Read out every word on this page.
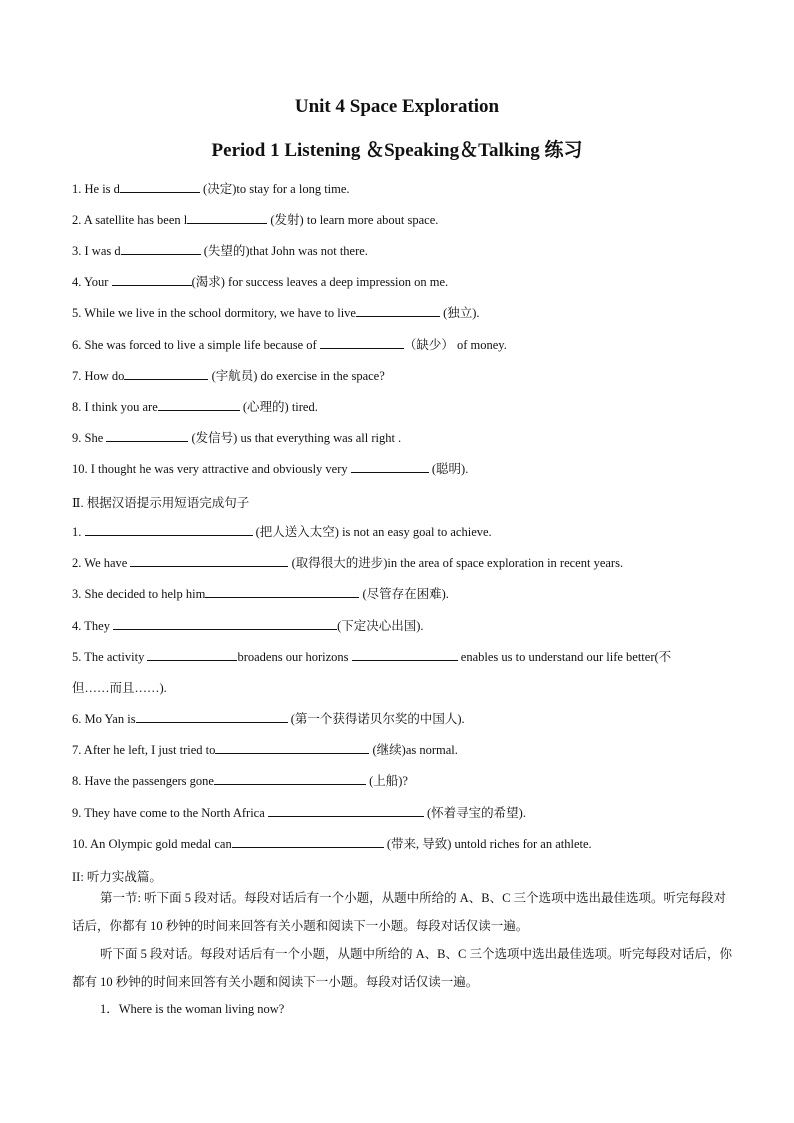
Unit 4 Space Exploration
Period 1 Listening ＆Speaking＆Talking 练习
1. He is d	(决定)to stay for a long time.
2. A satellite has been l	(发射) to learn more about space.
3. I was d	(失望的)that John was not there.
4. Your	(渴求) for success leaves a deep impression on me.
5. While we live in the school dormitory, we have to live	(独立).
6. She was forced to live a simple life because of	（缺少） of money.
7. How do	(宇航员) do exercise in the space?
8. I think you are	(心理的) tired.
9. She	(发信号) us that everything was all right .
10. I thought he was very attractive and obviously very	(聪明).
Ⅱ. 根据汉语提示用短语完成句子
1.	(把人送入太空) is not an easy goal to achieve.
2. We have	(取得很大的进步)in the area of space exploration in recent years.
3. She decided to help him	(尽管存在困难).
4. They	(下定决心出国).
5. The activity	broadens our horizons	enables us to understand our life better(不
但……而且……).
6. Mo Yan is	(第一个获得诺贝尔奖的中国人).
7. After he left, I just tried to	(继续)as normal.
8. Have the passengers gone	(上船)?
9. They have come to the North Africa	(怀着寻宝的希望).
10. An Olympic gold medal can	(带来, 导致) untold riches for an athlete.
II: 听力实战篇。
第一节: 听下面 5 段对话。每段对话后有一个小题，从题中所给的 A、B、C 三个选项中选出最佳选项。听完每段对话后，你都有 10 秒钟的时间来回答有关小题和阅读下一小题。每段对话仅读一遍。
听下面 5 段对话。每段对话后有一个小题，从题中所给的 A、B、C 三个选项中选出最佳选项。听完每段对话后，你都有 10 秒钟的时间来回答有关小题和阅读下一小题。每段对话仅读一遍。
1．Where is the woman living now?
